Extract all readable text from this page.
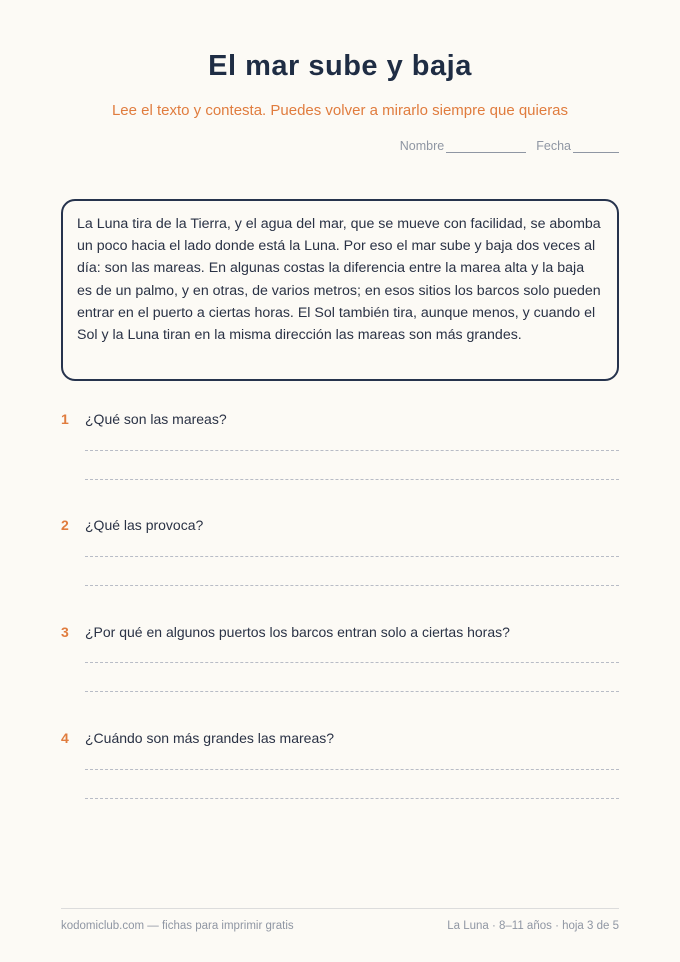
El mar sube y baja
Lee el texto y contesta. Puedes volver a mirarlo siempre que quieras
Nombre	Fecha
La Luna tira de la Tierra, y el agua del mar, que se mueve con facilidad, se abomba un poco hacia el lado donde está la Luna. Por eso el mar sube y baja dos veces al día: son las mareas. En algunas costas la diferencia entre la marea alta y la baja es de un palmo, y en otras, de varios metros; en esos sitios los barcos solo pueden entrar en el puerto a ciertas horas. El Sol también tira, aunque menos, y cuando el Sol y la Luna tiran en la misma dirección las mareas son más grandes.
1	¿Qué son las mareas?
2	¿Qué las provoca?
3	¿Por qué en algunos puertos los barcos entran solo a ciertas horas?
4	¿Cuándo son más grandes las mareas?
kodomiclub.com — fichas para imprimir gratis	La Luna · 8–11 años · hoja 3 de 5
